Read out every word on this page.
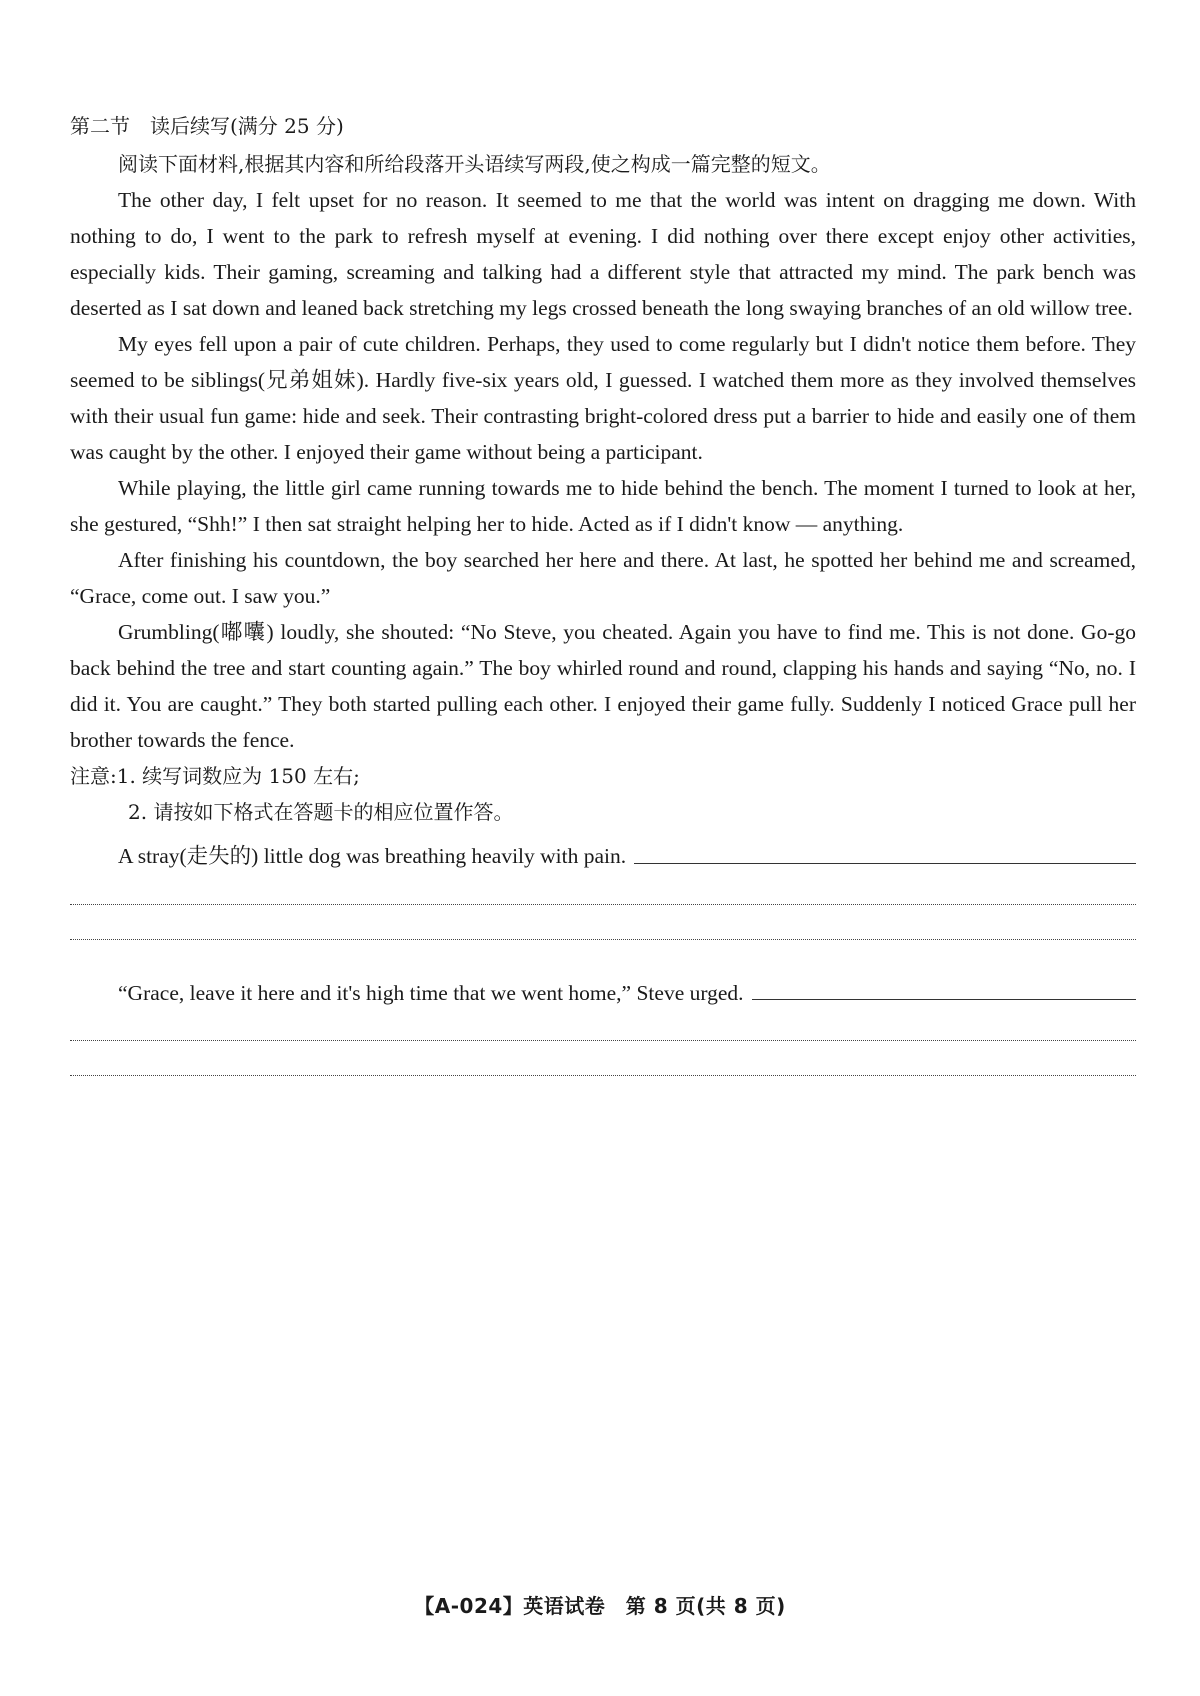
第二节 读后续写(满分 25 分)

阅读下面材料,根据其内容和所给段落开头语续写两段,使之构成一篇完整的短文。

The other day, I felt upset for no reason. It seemed to me that the world was intent on dragging me down. With nothing to do, I went to the park to refresh myself at evening. I did nothing over there except enjoy other activities, especially kids. Their gaming, screaming and talking had a different style that attracted my mind. The park bench was deserted as I sat down and leaned back stretching my legs crossed beneath the long swaying branches of an old willow tree.

My eyes fell upon a pair of cute children. Perhaps, they used to come regularly but I didn't notice them before. They seemed to be siblings(兄弟姐妹). Hardly five-six years old, I guessed. I watched them more as they involved themselves with their usual fun game: hide and seek. Their contrasting bright-colored dress put a barrier to hide and easily one of them was caught by the other. I enjoyed their game without being a participant.

While playing, the little girl came running towards me to hide behind the bench. The moment I turned to look at her, she gestured, “Shh!” I then sat straight helping her to hide. Acted as if I didn't know — anything.

After finishing his countdown, the boy searched her here and there. At last, he spotted her behind me and screamed, “Grace, come out. I saw you.”

Grumbling(嘟囔) loudly, she shouted: “No Steve, you cheated. Again you have to find me. This is not done. Go-go back behind the tree and start counting again.” The boy whirled round and round, clapping his hands and saying “No, no. I did it. You are caught.” They both started pulling each other. I enjoyed their game fully. Suddenly I noticed Grace pull her brother towards the fence.

注意:1. 续写词数应为 150 左右;

2. 请按如下格式在答题卡的相应位置作答。

A stray(走失的) little dog was breathing heavily with pain.
“Grace, leave it here and it's high time that we went home,” Steve urged.
【A-024】英语试卷　第 8 页(共 8 页)
